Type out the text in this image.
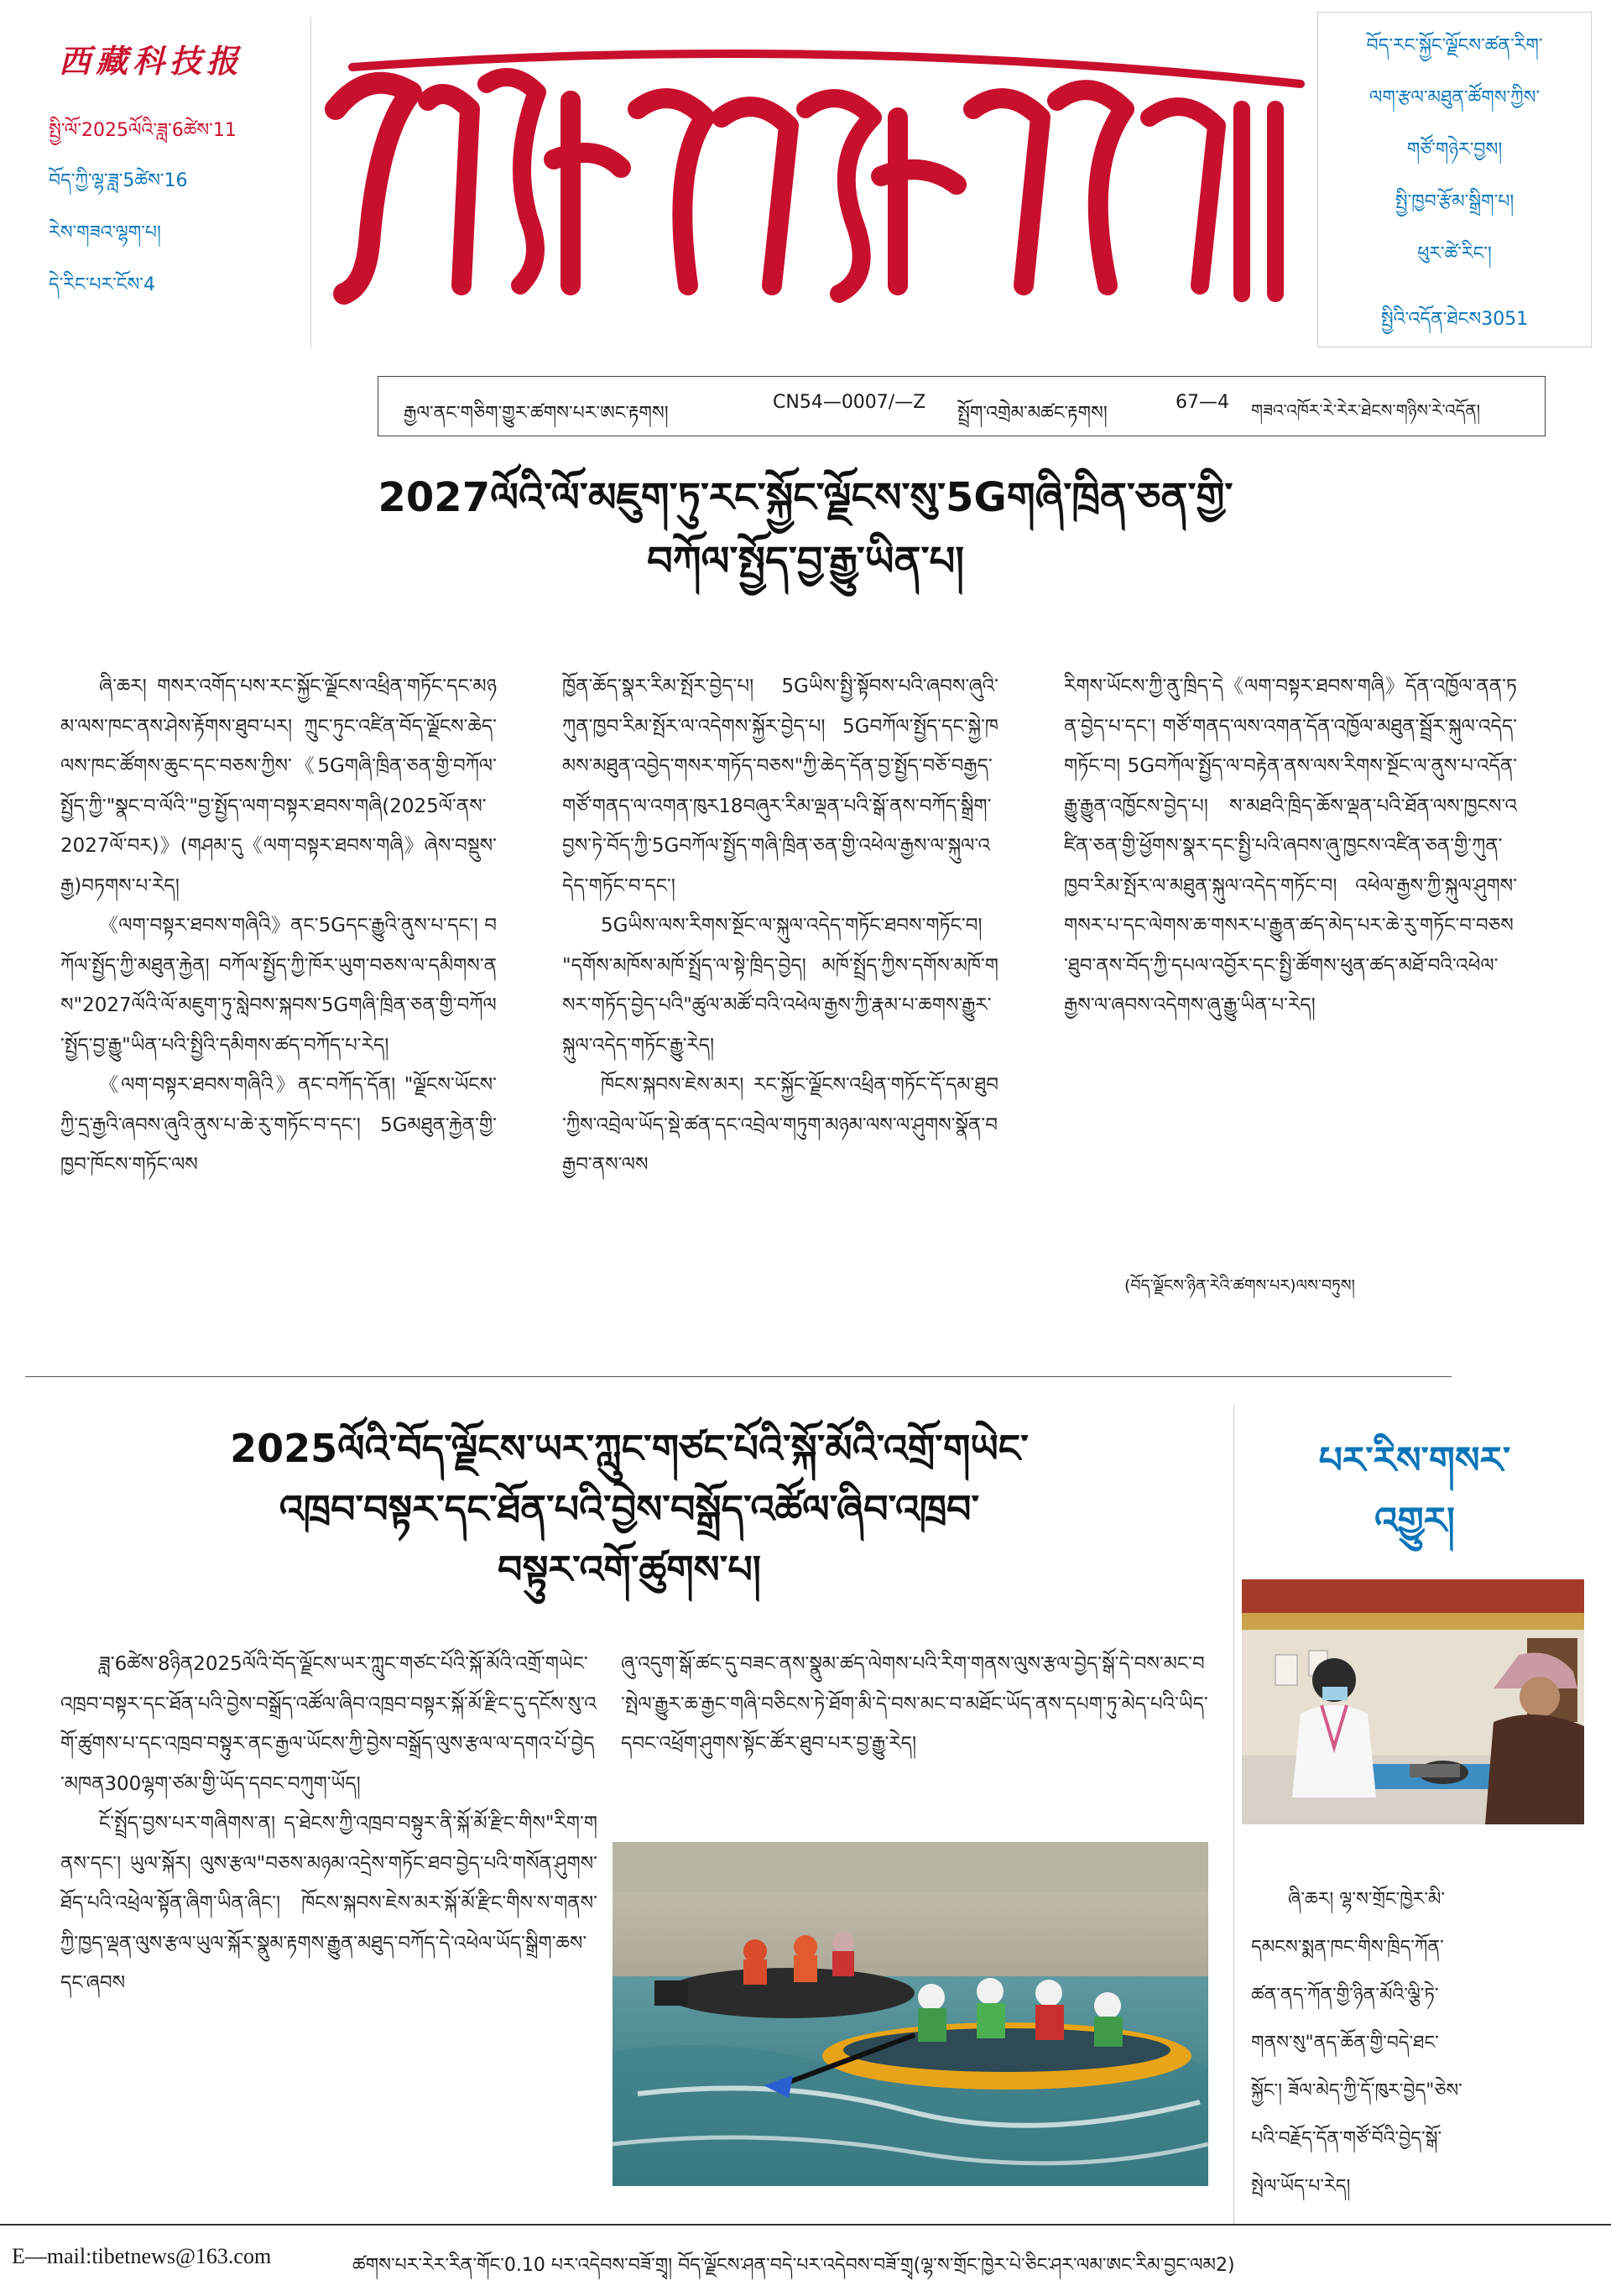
西藏科技报
སྤྱི་ལོ་2025ལོའི་ཟླ་6ཚེས་11
བོད་ཀྱི་ལྷ་ཟླ་5ཚེས་16
རེས་གཟའ་ལྷག་པ།
དེ་རིང་པར་ངོས་4
བོད་རང་སྐྱོང་ལྗོངས་ཚན་རིག་
ལག་རྩལ་མཐུན་ཚོགས་ཀྱིས་
གཙོ་གཉེར་བྱས།
སྤྱི་ཁྱབ་རྩོམ་སྒྲིག་པ།
ཕུར་ཚེ་རིང་།
སྤྱིའི་འདོན་ཐེངས3051
རྒྱལ་ནང་གཅིག་གྱུར་ཚགས་པར་ཨང་རྟགས།
CN54—0007/—Z
སྤྲོག་འགྲེམ་མཚང་རྟགས།
67—4 གཟའ་འཁོར་རེ་རེར་ཐེངས་གཉིས་རེ་འདོན།
2027ལོའི་ལོ་མཇུག་ཏུ་རང་སྐྱོང་ལྗོངས་སུ་5Gགཞི་ཁྲིན་ཅན་གྱི་
བཀོལ་སྤྱོད་བྱ་རྒྱུ་ཡིན་པ།

ཞི་ཆར། གསར་འགོད་པས་རང་སྐྱོང་ལྗོངས་འཕྲིན་གཏོང་དང་མཉམ་ལས་ཁང་ནས་ཤེས་རྟོགས་ཐུབ་པར། ཀྲུང་ཏུང་འཛིན་བོད་ལྗོངས་ཆེད་ལས་ཁང་ཚོགས་ཆུང་དང་བཅས་ཀྱིས་《5Gགཞི་ཁྲིན་ཅན་གྱི་བཀོལ་སྤྱོད་ཀྱི་"སྣང་བ་ལོའི་"བྱ་སྤྱོད་ལག་བསྟར་ཐབས་གཞི(2025ལོ་ནས་2027ལོ་བར)》(གཤམ་དུ《ལག་བསྟར་ཐབས་གཞི》ཞེས་བསྡུས་རྒྱ)བཏགས་པ་རེད།

《ལག་བསྟར་ཐབས་གཞིའི》ནང་5Gདང་རྒྱུའི་ནུས་པ་དང་། བཀོལ་སྤྱོད་ཀྱི་མཐུན་རྐྱེན། བཀོལ་སྤྱོད་ཀྱི་ཁོར་ཡུག་བཅས་ལ་དམིགས་ནས"2027ལོའི་ལོ་མཇུག་ཏུ་སླེབས་སྐབས་5Gགཞི་ཁྲིན་ཅན་གྱི་བཀོལ་སྤྱོད་བྱ་རྒྱུ"ཡིན་པའི་སྤྱིའི་དམིགས་ཚད་བཀོད་པ་རེད།

《ལག་བསྟར་ཐབས་གཞིའི》ནང་བཀོད་དོན། "ལྗོངས་ཡོངས་ཀྱི་དྲ་རྒྱའི་ཞབས་ཞུའི་ནུས་པ་ཆེ་རུ་གཏོང་བ་དང་། 5Gམཐུན་རྐྱེན་གྱི་ཁྱབ་ཁོངས་གཏོང་ལས

ཁྱོན་ཆོད་སྣར་རིམ་སྤོར་བྱེད་པ། 5Gཡིས་སྤྱི་སྟོབས་པའི་ཞབས་ཞུའི་ཀུན་ཁྱབ་རིམ་སྤོར་ལ་འདེགས་སྐྱོར་བྱེད་པ། 5Gབཀོལ་སྤྱོད་དང་སྐྱེ་ཁམས་མཐུན་འབྱེད་གསར་གཏོད་བཅས"ཀྱི་ཆེད་དོན་བྱ་སྤྱོད་བཅོ་བརྒྱད་གཙོ་གནད་ལ་འགན་ཁུར18བཞུར་རིམ་ལྡན་པའི་སྒོ་ནས་བཀོད་སྒྲིག་བྱས་ཏེ་བོད་ཀྱི་5Gབཀོལ་སྤྱོད་གཞི་ཁྲིན་ཅན་གྱི་འཕེལ་རྒྱས་ལ་སྐུལ་འདེད་གཏོང་བ་དང་།

5Gཡིས་ལས་རིགས་སྔོང་ལ་སྐུལ་འདེད་གཏོང་ཐབས་གཏོང་བ། "དགོས་མཁོས་མཁོ་སྤྲོད་ལ་སྟེ་ཁྲིད་བྱེད། མཁོ་སྤྲོད་ཀྱིས་དགོས་མཁོ་གསར་གཏོད་བྱེད་པའི"ཚུལ་མཚོ་བའི་འཕེལ་རྒྱས་ཀྱི་རྣམ་པ་ཆགས་རྒྱུར་སྐུལ་འདེད་གཏོང་རྒྱུ་རེད།

ཁོངས་སྐབས་ཇེས་མར། རང་སྐྱོང་ལྗོངས་འཕྲིན་གཏོང་དོ་དམ་ཐུབ་ཀྱིས་འབྲེལ་ཡོད་སྡེ་ཚན་དང་འབྲེལ་གཏུག་མཉམ་ལས་ལ་ཤུགས་སྣོན་བརྒྱབ་ནས་ལས

རིགས་ཡོངས་ཀྱི་ནུ་ཁྲིད་དེ《ལག་བསྟར་ཐབས་གཞི》དོན་འཁྱོལ་ནན་ཏན་བྱེད་པ་དང་། གཙོ་གནད་ལས་འགན་དོན་འཁྱོལ་མཐུན་སྦྲོར་སྐུལ་འདེད་གཏོང་བ། 5Gབཀོལ་སྤྱོད་ལ་བརྟེན་ནས་ལས་རིགས་སྔོང་ལ་ནུས་པ་འདོན་རྒྱུ་རྒྱུན་འཁྱོངས་བྱེད་པ། ས་མཐའི་ཁྲིད་ཆོས་ལྡན་པའི་ཐོན་ལས་ཁྱངས་འཛིན་ཅན་གྱི་ཕྱོགས་སྣར་དང་སྤྱི་པའི་ཞབས་ཞུ་ཁྱངས་འཛིན་ཅན་གྱི་ཀུན་ཁྱབ་རིམ་སྤོར་ལ་མཐུན་སྐུལ་འདེད་གཏོང་བ། འཕེལ་རྒྱས་ཀྱི་སྐུལ་ཤུགས་གསར་པ་དང་ལེགས་ཆ་གསར་པ་རྒྱུན་ཚད་མེད་པར་ཆེ་རུ་གཏོང་བ་བཅས་ཐུབ་ནས་བོད་ཀྱི་དཔལ་འབྱོར་དང་སྤྱི་ཚོགས་ཕུན་ཚད་མཐོ་བའི་འཕེལ་རྒྱས་ལ་ཞབས་འདེགས་ཞུ་རྒྱུ་ཡིན་པ་རེད།

(བོད་ལྗོངས་ཉིན་རེའི་ཚགས་པར)ལས་བཏུས།
2025ལོའི་བོད་ལྗོངས་ཡར་ཀླུང་གཙང་པོའི་སྐོ་མོའི་འགྲོ་གཡེང་
འཁྲབ་བསྟར་དང་ཐོན་པའི་བྱེས་བསྒྲོད་འཚོལ་ཞིབ་འཁྲབ་
བསྟུར་འགོ་ཚུགས་པ།

ཟླ་6ཚེས་8ཉིན2025ལོའི་བོད་ལྗོངས་ཡར་ཀླུང་གཙང་པོའི་སྐོ་མོའི་འགྲོ་གཡེང་འཁྲབ་བསྟར་དང་ཐོན་པའི་བྱེས་བསྒྲོད་འཚོལ་ཞིབ་འཁྲབ་བསྟར་སྐོ་མོ་རྫིང་དུ་དངོས་སུ་འགོ་ཚུགས་པ་དང་འཁྲབ་བསྟུར་ནང་རྒྱལ་ཡོངས་ཀྱི་བྱེས་བསྒྲོད་ལུས་རྩལ་ལ་དགའ་པོ་བྱེད་མཁན300ལྷག་ཙམ་གྱི་ཡོད་དབང་བཀུག་ཡོད།

ངོ་སྤྲོད་བྱས་པར་གཞིགས་ན། ད་ཐེངས་ཀྱི་འཁྲབ་བསྟུར་ནི་སྐོ་མོ་རྫིང་གིས"རིག་གནས་དང་། ཡུལ་སྐོར། ལུས་རྩལ"བཅས་མཉམ་འདྲེས་གཏོང་ཐབ་བྱེད་པའི་གསོན་ཤུགས་ཐོད་པའི་འཕྲེལ་སྟོན་ཞིག་ཡིན་ཞིང་། ཁོངས་སྐབས་ཇེས་མར་སྐོ་མོ་རྫིང་གིས་ས་གནས་ཀྱི་ཁྱད་ལྡན་ལུས་རྩལ་ཡུལ་སྐོར་སྣུམ་རྟགས་རྒྱུན་མཐུད་བཀོད་དེ་འཕེལ་ཡོད་སྒྲིག་ཆས་དང་ཞབས

ཞུ་འདུག་སྒོ་ཚང་དུ་བཟང་ནས་སྣུམ་ཚད་ལེགས་པའི་རིག་གནས་ལུས་རྩལ་བྱེད་སྒོ་དེ་བས་མང་བ་སྤེལ་རྒྱུར་ཆ་རྒྱང་གཞི་བཅིངས་ཏེ་ཐོག་མི་དེ་བས་མང་བ་མཐོང་ཡོད་ནས་དཔག་ཏུ་མེད་པའི་ཡིད་དབང་འཕྲོག་ཤུགས་སྟོང་ཚོར་ཐུབ་པར་བྱ་རྒྱུ་རེད།

པར་རིས་གསར་
འགྱུར།
ཞི་ཆར། ལྷ་ས་གྲོང་ཁྱེར་མི་
དམངས་སྨན་ཁང་གིས་ཁྲིད་ཀོན་
ཚན་ནད་ཀོན་གྱི་ཉིན་མོའི་ལྕི་ཏེ་
གནས་སུ"ནད་ཆོན་གྱི་བདེ་ཐང་
སྐྱོང་། ཟོལ་མེད་ཀྱི་དོ་ཁུར་བྱེད"ཅེས་
པའི་བརྗོད་དོན་གཙོ་བོའི་བྱེད་སྒོ་
སྤེལ་ཡོད་པ་རེད།
E—mail:tibetnews@163.com	ཚགས་པར་རེར་རིན་གོང་0.10 པར་འདེབས་བཟོ་གྲྭ། བོད་ལྗོངས་ཤན་བདེ་པར་འདེབས་བཟོ་གྲྭ(ལྷ་ས་གྲོང་ཁྱེར་པེ་ཅིང་ཤར་ལམ་ཨང་རིམ་བྱང་ལམ2)
